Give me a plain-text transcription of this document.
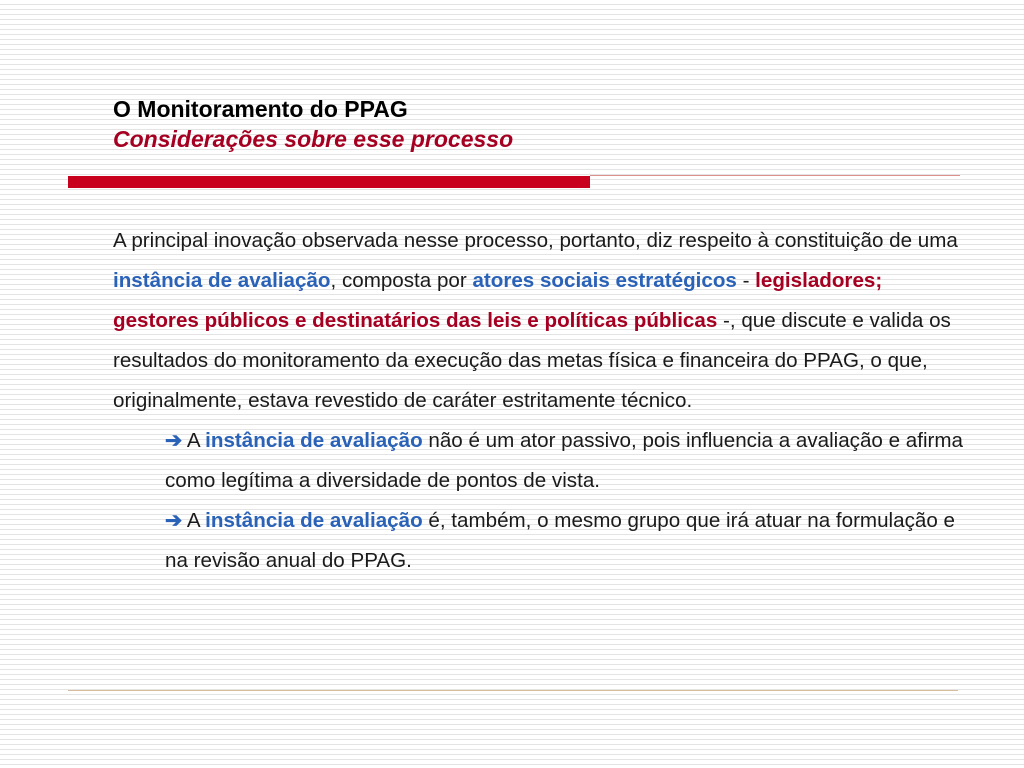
O Monitoramento do PPAG
Considerações sobre esse processo

A principal inovação observada nesse processo, portanto, diz respeito à constituição de uma instância de avaliação, composta por atores sociais estratégicos - legisladores; gestores públicos e destinatários das leis e políticas públicas -, que discute e valida os resultados do monitoramento da execução das metas física e financeira do PPAG, o que, originalmente, estava revestido de caráter estritamente técnico.

➔ A instância de avaliação não é um ator passivo, pois influencia a avaliação e afirma como legítima a diversidade de pontos de vista.

➔ A instância de avaliação é, também, o mesmo grupo que irá atuar na formulação e na revisão anual do PPAG.
